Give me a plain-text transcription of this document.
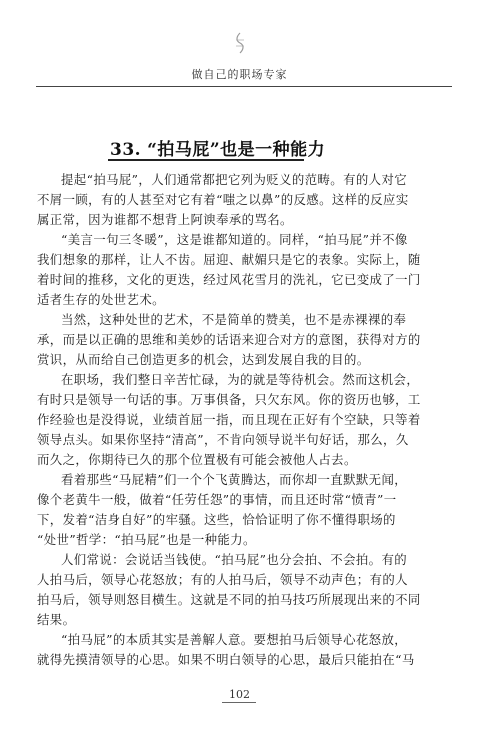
做自己的职场专家
33. “拍马屁”也是一种能力
提起“拍马屁”，人们通常都把它列为贬义的范畴。有的人对它
不屑一顾，有的人甚至对它有着“嗤之以鼻”的反感。这样的反应实
属正常，因为谁都不想背上阿谀奉承的骂名。
“美言一句三冬暖”，这是谁都知道的。同样，“拍马屁”并不像
我们想象的那样，让人不齿。屈迎、献媚只是它的表象。实际上，随
着时间的推移，文化的更迭，经过风花雪月的洗礼，它已变成了一门
适者生存的处世艺术。
当然，这种处世的艺术，不是简单的赞美，也不是赤裸裸的奉
承，而是以正确的思维和美妙的话语来迎合对方的意图，获得对方的
赏识，从而给自己创造更多的机会，达到发展自我的目的。
在职场，我们整日辛苦忙碌，为的就是等待机会。然而这机会，
有时只是领导一句话的事。万事俱备，只欠东风。你的资历也够，工
作经验也是没得说，业绩首屈一指，而且现在正好有个空缺，只等着
领导点头。如果你坚持“清高”，不肯向领导说半句好话，那么，久
而久之，你期待已久的那个位置极有可能会被他人占去。
看着那些“马屁精”们一个个飞黄腾达，而你却一直默默无闻，
像个老黄牛一般，做着“任劳任怨”的事情，而且还时常“愤青”一
下，发着“洁身自好”的牢骚。这些，恰恰证明了你不懂得职场的
“处世”哲学：“拍马屁”也是一种能力。
人们常说：会说话当钱使。“拍马屁”也分会拍、不会拍。有的
人拍马后，领导心花怒放；有的人拍马后，领导不动声色；有的人
拍马后，领导则怒目横生。这就是不同的拍马技巧所展现出来的不同
结果。
“拍马屁”的本质其实是善解人意。要想拍马后领导心花怒放，
就得先摸清领导的心思。如果不明白领导的心思，最后只能拍在“马
102
